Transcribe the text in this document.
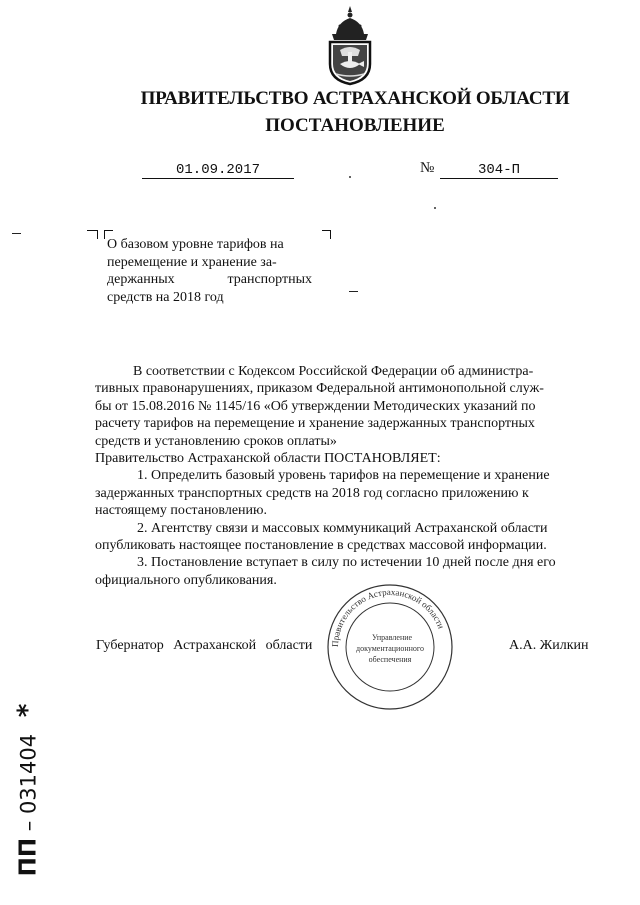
ПРАВИТЕЛЬСТВО АСТРАХАНСКОЙ ОБЛАСТИ
ПОСТАНОВЛЕНИЕ
01.09.2017	№	304-П
О базовом уровне тарифов на
перемещение и хранение за-
держанных	транспортных
средств на 2018 год
В соответствии с Кодексом Российской Федерации об администра-
тивных правонарушениях, приказом Федеральной антимонопольной служ-
бы от 15.08.2016 № 1145/16 «Об утверждении Методических указаний по
расчету тарифов на перемещение и хранение задержанных транспортных
средств и установлению сроков оплаты»
Правительство Астраханской области ПОСТАНОВЛЯЕТ:
1. Определить базовый уровень тарифов на перемещение и хранение
задержанных транспортных средств на 2018 год согласно приложению к
настоящему постановлению.
2. Агентству связи и массовых коммуникаций Астраханской области
опубликовать настоящее постановление в средствах массовой информации.
3. Постановление вступает в силу по истечении 10 дней после дня его
официального опубликования.
Губернатор Астраханской области	А.А. Жилкин
Правительство Астраханской области
Управление
документационного
обеспечения
ПП – 031404 *
